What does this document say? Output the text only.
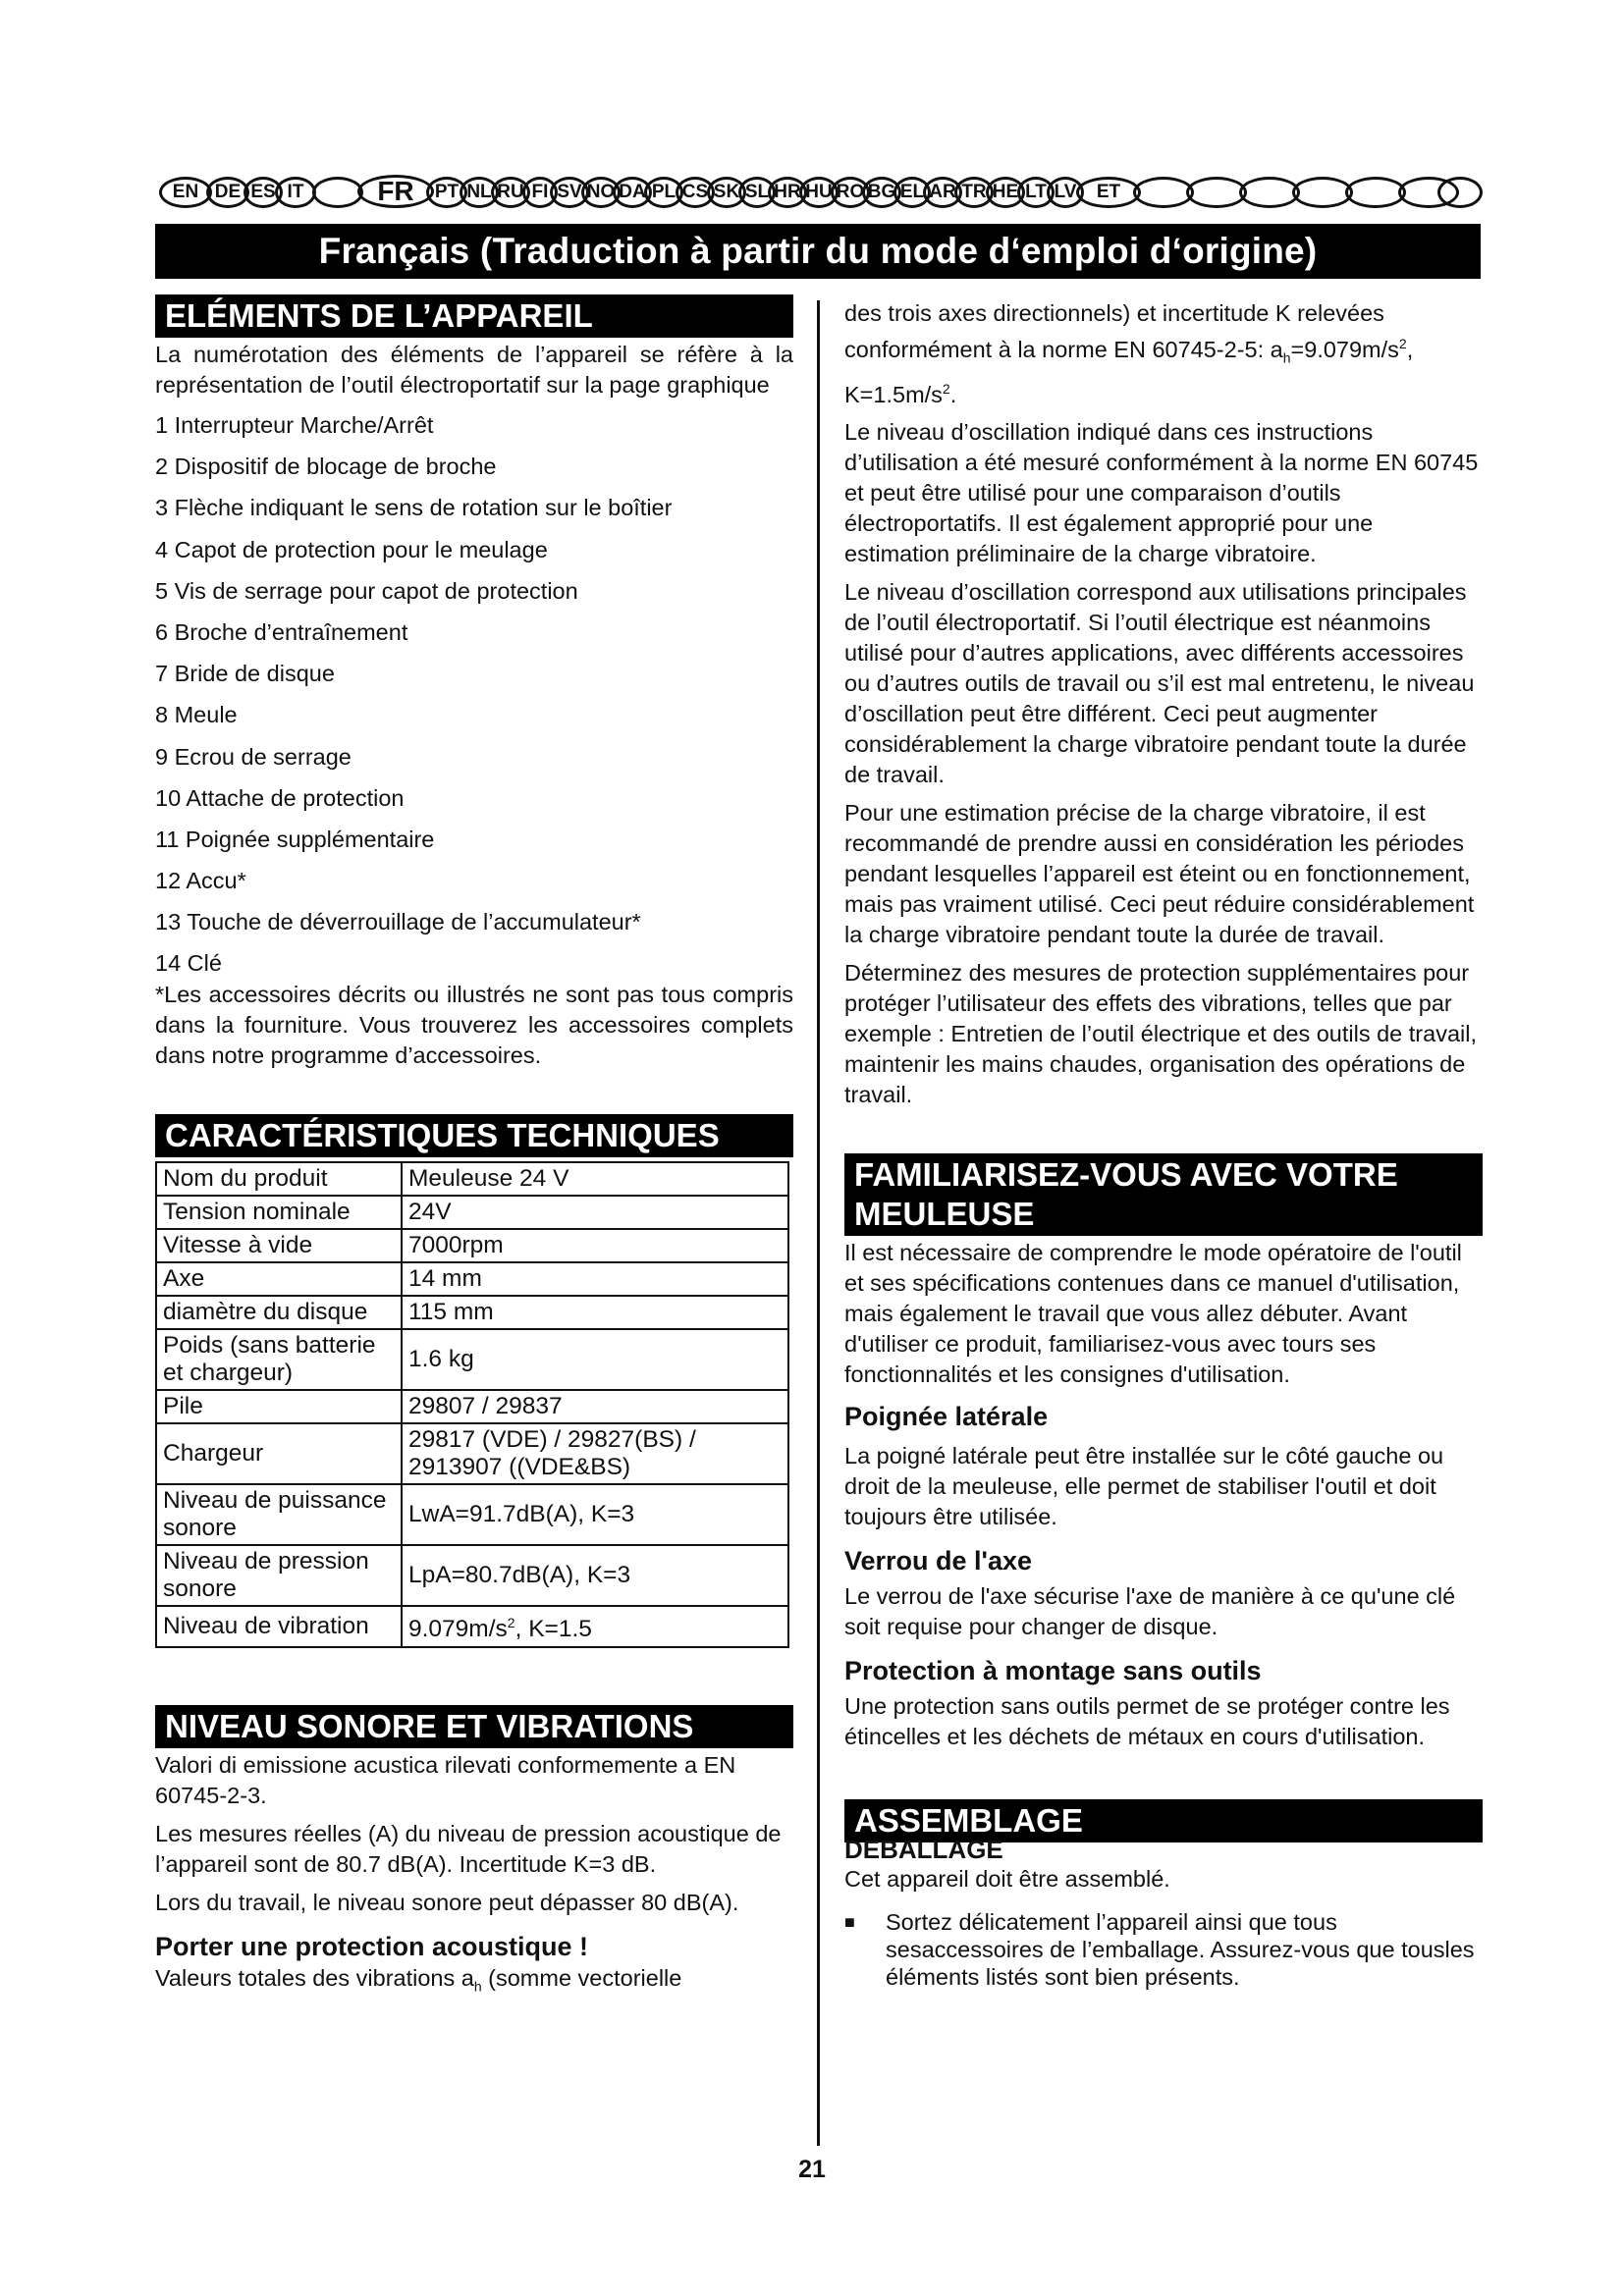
EN DE ES IT	FR	PT NL RU FI SV NO DA PL CS SK SL HR HU RO BG EL AR TR HE LT LV	ET
Français (Traduction à partir du mode d‘emploi d‘origine)
ELÉMENTS DE L’APPAREIL

La numérotation des éléments de l’appareil se réfère à la représentation de l’outil électroportatif sur la page graphique

1 Interrupteur Marche/Arrêt

2 Dispositif de blocage de broche

3 Flèche indiquant le sens de rotation sur le boîtier

4 Capot de protection pour le meulage

5 Vis de serrage pour capot de protection

6 Broche d’entraînement

7 Bride de disque

8 Meule

9 Ecrou de serrage

10 Attache de protection

11 Poignée supplémentaire

12 Accu*

13 Touche de déverrouillage de l’accumulateur*

14 Clé

*Les accessoires décrits ou illustrés ne sont pas tous compris dans la fourniture. Vous trouverez les accessoires complets dans notre programme d’accessoires.

CARACTÉRISTIQUES TECHNIQUES
Nom du produit	Meuleuse 24 V
Tension nominale	24V
Vitesse à vide	7000rpm
Axe	14 mm
diamètre du disque	115 mm
Poids (sans batterie et chargeur)	1.6 kg
Pile	29807 / 29837
Chargeur	29817 (VDE) / 29827(BS) / 2913907 ((VDE&BS)
Niveau de puissance sonore	LwA=91.7dB(A), K=3
Niveau de pression sonore	LpA=80.7dB(A), K=3
Niveau de vibration	$9.079m/s^2$, K=1.5
NIVEAU SONORE ET VIBRATIONS

Valori di emissione acustica rilevati conformemente a EN 60745-2-3.

Les mesures réelles (A) du niveau de pression acoustique de l’appareil sont de 80.7 dB(A). Incertitude K=3 dB.

Lors du travail, le niveau sonore peut dépasser 80 dB(A).

Porter une protection acoustique !

Valeurs totales des vibrations $a_h$ (somme vectorielle

des trois axes directionnels) et incertitude K relevées conformément à la norme EN 60745-2-5: $a_h=9.079m/s^2$, $K=1.5m/s^2$.

Le niveau d’oscillation indiqué dans ces instructions d’utilisation a été mesuré conformément à la norme EN 60745 et peut être utilisé pour une comparaison d’outils électroportatifs. Il est également approprié pour une estimation préliminaire de la charge vibratoire.

Le niveau d’oscillation correspond aux utilisations principales de l’outil électroportatif. Si l’outil électrique est néanmoins utilisé pour d’autres applications, avec différents accessoires ou d’autres outils de travail ou s’il est mal entretenu, le niveau d’oscillation peut être différent. Ceci peut augmenter considérablement la charge vibratoire pendant toute la durée de travail.

Pour une estimation précise de la charge vibratoire, il est recommandé de prendre aussi en considération les périodes pendant lesquelles l’appareil est éteint ou en fonctionnement, mais pas vraiment utilisé. Ceci peut réduire considérablement la charge vibratoire pendant toute la durée de travail.

Déterminez des mesures de protection supplémentaires pour protéger l’utilisateur des effets des vibrations, telles que par exemple : Entretien de l’outil électrique et des outils de travail, maintenir les mains chaudes, organisation des opérations de travail.

FAMILIARISEZ-VOUS AVEC VOTRE
MEULEUSE

Il est nécessaire de comprendre le mode opératoire de l'outil et ses spécifications contenues dans ce manuel d'utilisation, mais également le travail que vous allez débuter. Avant d'utiliser ce produit, familiarisez-vous avec tours ses fonctionnalités et les consignes d'utilisation.

Poignée latérale

La poigné latérale peut être installée sur le côté gauche ou droit de la meuleuse, elle permet de stabiliser l'outil et doit toujours être utilisée.

Verrou de l'axe

Le verrou de l'axe sécurise l'axe de manière à ce qu'une clé soit requise pour changer de disque.

Protection à montage sans outils

Une protection sans outils permet de se protéger contre les étincelles et les déchets de métaux en cours d'utilisation.

ASSEMBLAGE

DEBALLAGE

Cet appareil doit être assemblé.

■	Sortez délicatement l’appareil ainsi que tous sesaccessoires de l’emballage. Assurez-vous que tousles éléments listés sont bien présents.
21
